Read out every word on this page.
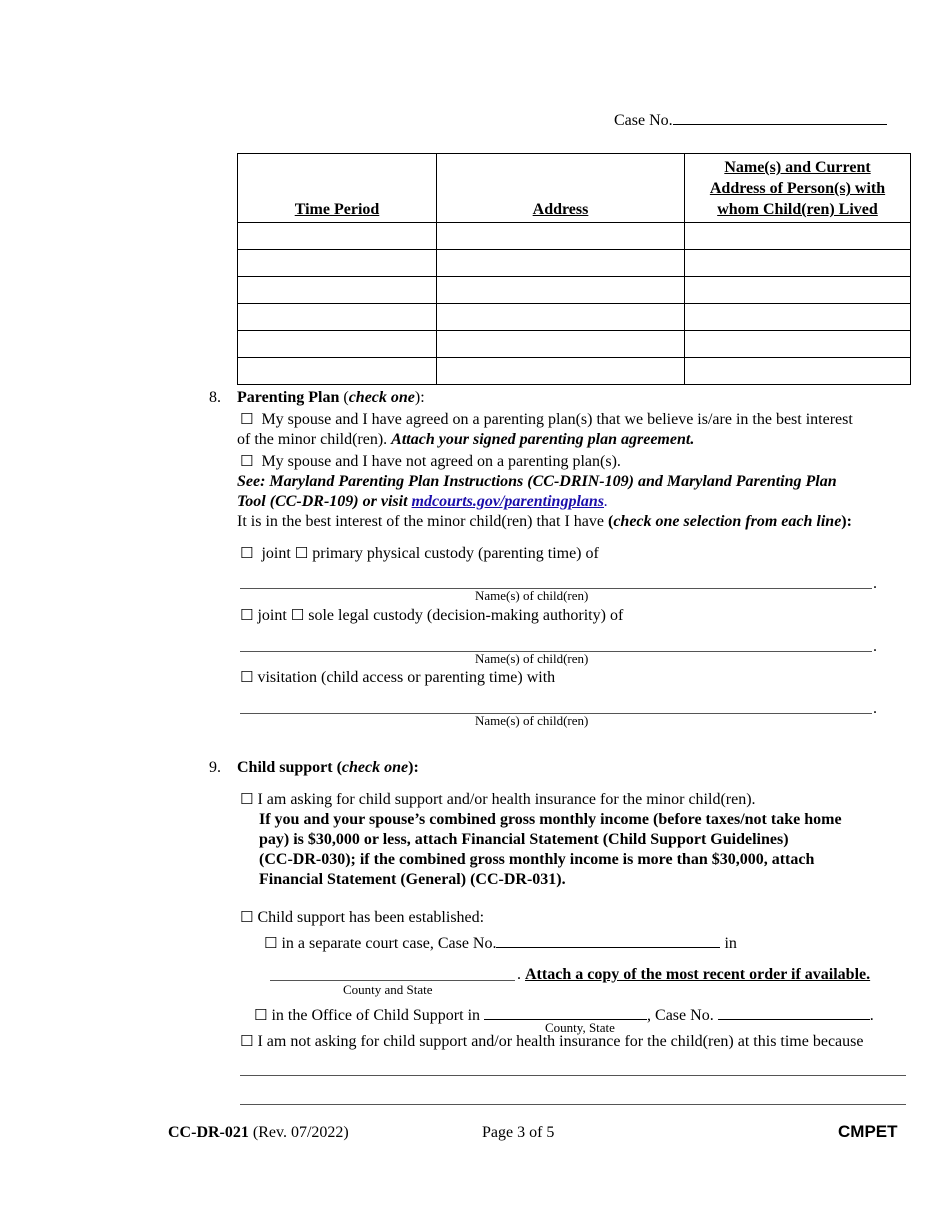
Case No.
Time Period	Address	Name(s) and Current Address of Person(s) with whom Child(ren) Lived

8. Parenting Plan (check one):
☐ My spouse and I have agreed on a parenting plan(s) that we believe is/are in the best interest
of the minor child(ren). Attach your signed parenting plan agreement.
☐ My spouse and I have not agreed on a parenting plan(s).
See: Maryland Parenting Plan Instructions (CC-DRIN-109) and Maryland Parenting Plan
Tool (CC-DR-109) or visit mdcourts.gov/parentingplans.
It is in the best interest of the minor child(ren) that I have (check one selection from each line):
☐ joint ☐ primary physical custody (parenting time) of
.
Name(s) of child(ren)
☐ joint ☐ sole legal custody (decision-making authority) of
.
Name(s) of child(ren)
☐ visitation (child access or parenting time) with
.
Name(s) of child(ren)
9. Child support (check one):
☐ I am asking for child support and/or health insurance for the minor child(ren).
If you and your spouse’s combined gross monthly income (before taxes/not take home
pay) is $30,000 or less, attach Financial Statement (Child Support Guidelines)
(CC-DR-030); if the combined gross monthly income is more than $30,000, attach
Financial Statement (General) (CC-DR-031).
☐ Child support has been established:
☐ in a separate court case, Case No.	in
. Attach a copy of the most recent order if available.
County and State
☐ in the Office of Child Support in	, Case No.	.
County, State
☐ I am not asking for child support and/or health insurance for the child(ren) at this time because
CC-DR-021 (Rev. 07/2022)	Page 3 of 5	CMPET
